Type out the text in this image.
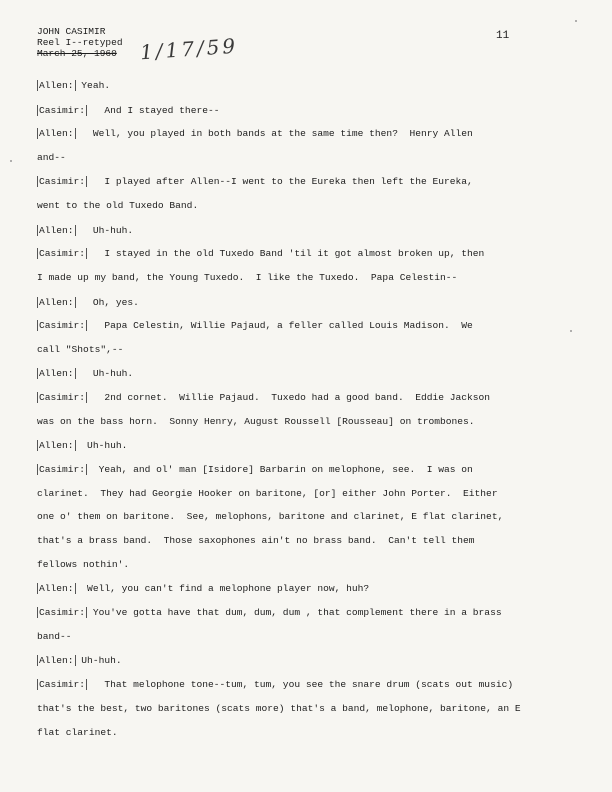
JOHN CASIMIR
Reel I--retyped
March 25, 1960 1/17/59	11
Allen: Yeah.
Casimir:   And I stayed there--
Allen:   Well, you played in both bands at the same time then?  Henry Allen
and--
Casimir:   I played after Allen--I went to the Eureka then left the Eureka,
went to the old Tuxedo Band.
Allen:   Uh-huh.
Casimir:   I stayed in the old Tuxedo Band 'til it got almost broken up, then
I made up my band, the Young Tuxedo.  I like the Tuxedo.  Papa Celestin--
Allen:   Oh, yes.
Casimir:   Papa Celestin, Willie Pajaud, a feller called Louis Madison.  We
call "Shots",--
Allen:   Uh-huh.
Casimir:   2nd cornet.  Willie Pajaud.  Tuxedo had a good band.  Eddie Jackson
was on the bass horn.  Sonny Henry, August Roussell [Rousseau] on trombones.
Allen:  Uh-huh.
Casimir:  Yeah, and ol' man [Isidore] Barbarin on melophone, see.  I was on
clarinet.  They had Georgie Hooker on baritone, [or] either John Porter.  Either
one o' them on baritone.  See, melophons, baritone and clarinet, E flat clarinet,
that's a brass band.  Those saxophones ain't no brass band.  Can't tell them
fellows nothin'.
Allen:  Well, you can't find a melophone player now, huh?
Casimir: You've gotta have that dum, dum, dum , that complement there in a brass
band--
Allen: Uh-huh.
Casimir:   That melophone tone--tum, tum, you see the snare drum (scats out music)
that's the best, two baritones (scats more) that's a band, melophone, baritone, an E
flat clarinet.
